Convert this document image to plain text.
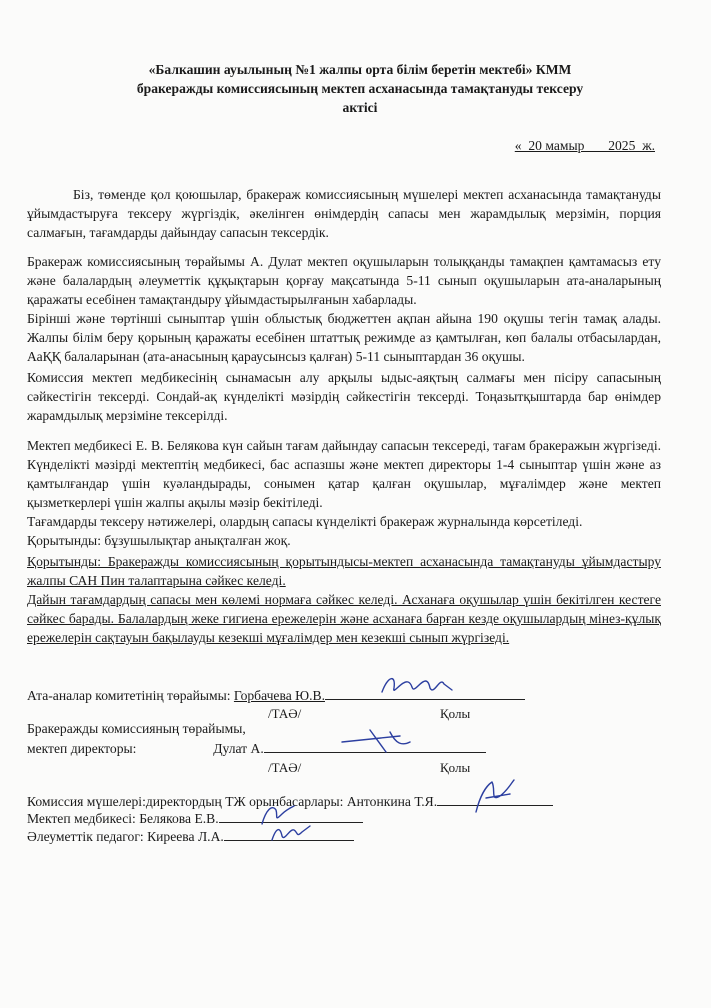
«Балкашин ауылының №1 жалпы орта білім беретін мектебі» КММ
бракеражды комиссиясының мектеп асханасында тамақтануды тексеру
актісі
«  20 мамыр       2025  ж.

Біз, төменде қол қоюшылар, бракераж комиссиясының мүшелері мектеп асханасында тамақтануды ұйымдастыруға тексеру жүргіздік, әкелінген өнімдердің сапасы мен жарамдылық мерзімін, порция салмағын, тағамдарды дайындау сапасын тексердік.

Бракераж комиссиясының төрайымы А. Дулат мектеп оқушыларын толыққанды тамақпен қамтамасыз ету және балалардың әлеуметтік құқықтарын қорғау мақсатында 5-11 сынып оқушыларын ата-аналарының қаражаты есебінен тамақтандыру ұйымдастырылғанын хабарлады.

Бірінші және төртінші сыныптар үшін облыстық бюджеттен ақпан айына 190 оқушы тегін тамақ алады. Жалпы білім беру қорының қаражаты есебінен штаттық режимде аз қамтылған, көп балалы отбасылардан, АаҚҚ балаларынан (ата-анасының қараусынсыз қалған) 5-11 сыныптардан 36 оқушы.

Комиссия мектеп медбикесінің сынамасын алу арқылы ыдыс-аяқтың салмағы мен пісіру сапасының сәйкестігін тексерді. Сондай-ақ күнделікті мәзірдің сәйкестігін тексерді. Тоңазытқыштарда бар өнімдер жарамдылық мерзіміне тексерілді.

Мектеп медбикесі Е. В. Белякова күн сайын тағам дайындау сапасын тексереді, тағам бракеражын жүргізеді. Күнделікті мәзірді мектептің медбикесі, бас аспазшы және мектеп директоры 1-4 сыныптар үшін және аз қамтылғандар үшін куәландырады, сонымен қатар қалған оқушылар, мұғалімдер және мектеп қызметкерлері үшін жалпы ақылы мәзір бекітіледі.

Тағамдарды тексеру нәтижелері, олардың сапасы күнделікті бракераж журналында көрсетіледі.

Қорытынды: бұзушылықтар анықталған жоқ.

Қорытынды: Бракеражды комиссиясының қорытындысы-мектеп асханасында тамақтануды ұйымдастыру жалпы САН Пин талаптарына сәйкес келеді.

Дайын тағамдардың сапасы мен көлемі нормаға сәйкес келеді. Асханаға оқушылар үшін бекітілген кестеге сәйкес барады. Балалардың жеке гигиена ережелерін және асханаға барған кезде оқушылардың мінез-құлық ережелерін сақтауын бақылауды кезекші мұғалімдер мен кезекші сынып жүргізеді.

Ата-аналар комитетінің төрайымы: Горбачева Ю.В.
/ТАӘ/	Қолы
Бракеражды комиссияның төрайымы,
мектеп директоры:	Дулат А.
/ТАӘ/	Қолы
Комиссия мүшелері:директордың ТЖ орынбасарлары: Антонкина Т.Я.
Мектеп медбикесі: Белякова Е.В.
Әлеуметтік педагог: Киреева Л.А.
